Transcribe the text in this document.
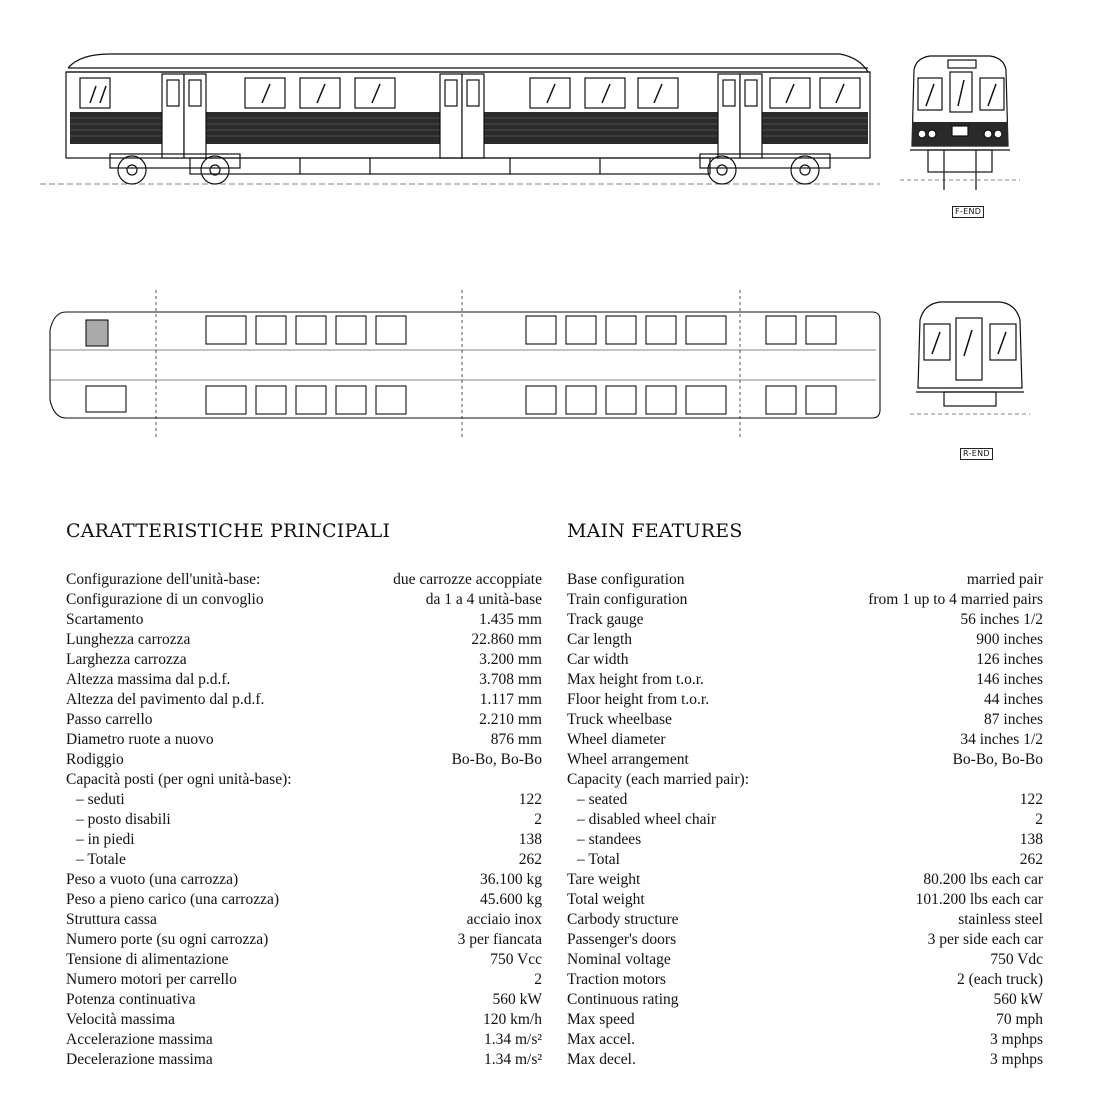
F-END
R-END
CARATTERISTICHE PRINCIPALI
Configurazione dell'unità-base:	due carrozze accoppiate
Configurazione di un convoglio	da 1 a 4 unità-base
Scartamento	1.435 mm
Lunghezza carrozza	22.860 mm
Larghezza carrozza	3.200 mm
Altezza massima dal p.d.f.	3.708 mm
Altezza del pavimento dal p.d.f.	1.117 mm
Passo carrello	2.210 mm
Diametro ruote a nuovo	876 mm
Rodiggio	Bo-Bo, Bo-Bo
Capacità posti (per ogni unità-base):
– seduti	122
– posto disabili	2
– in piedi	138
– Totale	262
Peso a vuoto (una carrozza)	36.100 kg
Peso a pieno carico (una carrozza)	45.600 kg
Struttura cassa	acciaio inox
Numero porte (su ogni carrozza)	3 per fiancata
Tensione di alimentazione	750 Vcc
Numero motori per carrello	2
Potenza continuativa	560 kW
Velocità massima	120 km/h
Accelerazione massima	1.34 m/s²
Decelerazione massima	1.34 m/s²
MAIN FEATURES
Base configuration	married pair
Train configuration	from 1 up to 4 married pairs
Track gauge	56 inches 1/2
Car length	900 inches
Car width	126 inches
Max height from t.o.r.	146 inches
Floor height from t.o.r.	44 inches
Truck wheelbase	87 inches
Wheel diameter	34 inches 1/2
Wheel arrangement	Bo-Bo, Bo-Bo
Capacity (each married pair):
– seated	122
– disabled wheel chair	2
– standees	138
– Total	262
Tare weight	80.200 lbs each car
Total weight	101.200 lbs each car
Carbody structure	stainless steel
Passenger's doors	3 per side each car
Nominal voltage	750 Vdc
Traction motors	2 (each truck)
Continuous rating	560 kW
Max speed	70 mph
Max accel.	3 mphps
Max decel.	3 mphps
